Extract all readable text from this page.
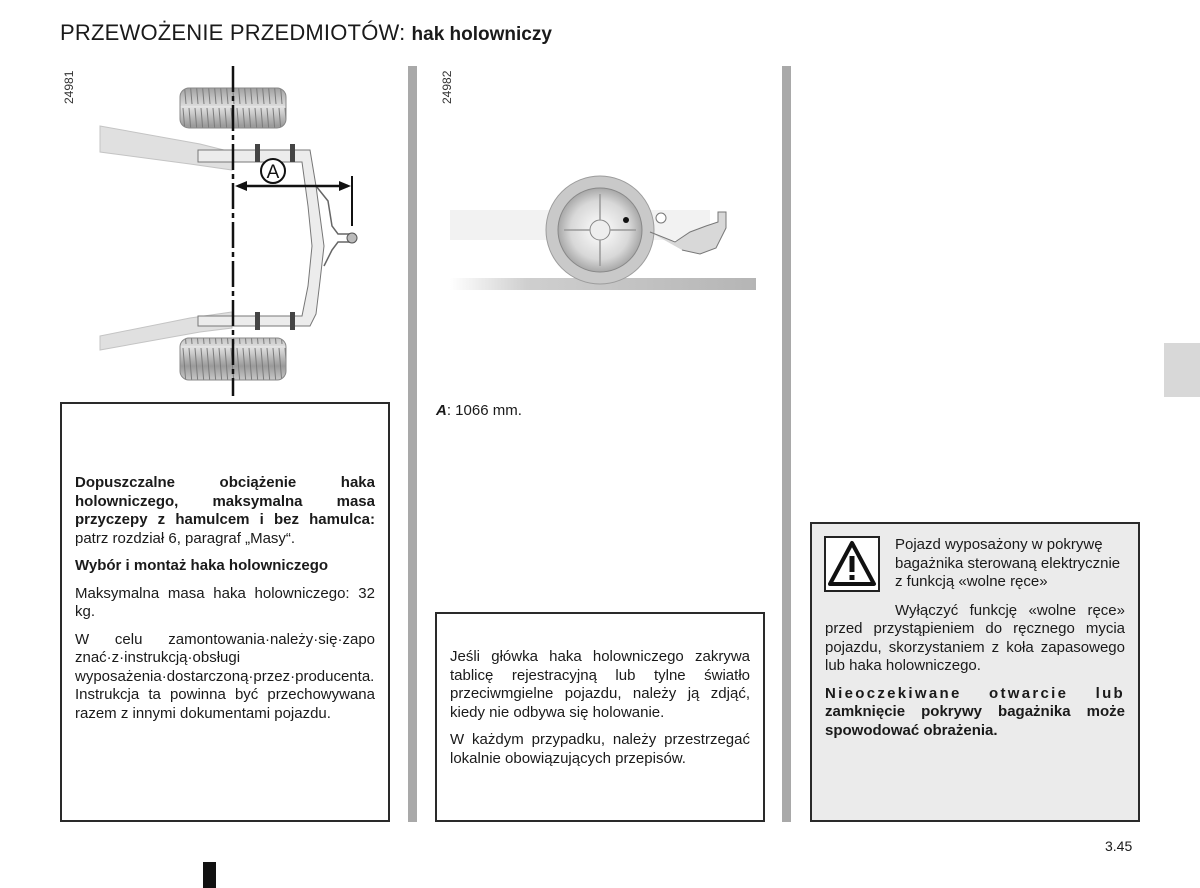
PRZEWOŻENIE PRZEDMIOTÓW: hak holowniczy
24981
A
24982
A: 1066 mm.

Dopuszczalne obciążenie haka holowniczego, maksymalna masa przyczepy z hamulcem i bez hamulca: patrz rozdział 6, paragraf „Masy“.

Wybór i montaż haka holowniczego

Maksymalna masa haka holowniczego: 32 kg.

W celu zamontowania·należy·się·zapo znać·z·instrukcją·obsługi wyposażenia·dostarczoną·przez·producenta. Instrukcja ta powinna być przechowywana razem z innymi dokumentami pojazdu.

Jeśli główka haka holowniczego zakrywa tablicę rejestracyjną lub tylne światło przeciwmgielne pojazdu, należy ją zdjąć, kiedy nie odbywa się holowanie.

W każdym przypadku, należy przestrzegać lokalnie obowiązujących przepisów.

Pojazd wyposażony w pokrywę bagażnika sterowaną elektrycznie z funkcją «wolne ręce»

Wyłączyć funkcję «wolne ręce» przed przystąpieniem do ręcznego mycia pojazdu, skorzystaniem z koła zapasowego lub haka holowniczego.

Nieoczekiwane otwarcie lub zamknięcie pokrywy bagażnika może spowodować obrażenia.

3.45
